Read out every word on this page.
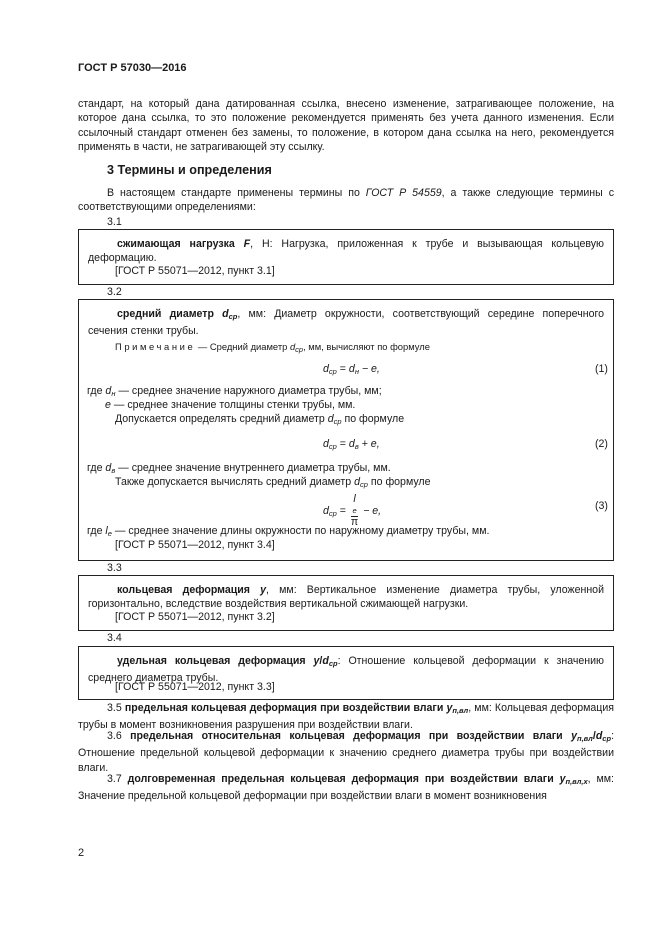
ГОСТ Р 57030—2016
стандарт, на который дана датированная ссылка, внесено изменение, затрагивающее положение, на которое дана ссылка, то это положение рекомендуется применять без учета данного изменения. Если ссылочный стандарт отменен без замены, то положение, в котором дана ссылка на него, рекомендуется применять в части, не затрагивающей эту ссылку.
3 Термины и определения
В настоящем стандарте применены термины по ГОСТ Р 54559, а также следующие термины с соответствующими определениями:
3.1
сжимающая нагрузка F, Н: Нагрузка, приложенная к трубе и вызывающая кольцевую деформацию.
[ГОСТ Р 55071—2012, пункт 3.1]
3.2
средний диаметр $d_{ср}$, мм: Диаметр окружности, соответствующий середине поперечного сечения стенки трубы.
Примечание — Средний диаметр $d_{ср}$, мм, вычисляют по формуле
$d_{ср} = d_н - e$,	(1)
где $d_н$ — среднее значение наружного диаметра трубы, мм;
e — среднее значение толщины стенки трубы, мм.
Допускается определять средний диаметр $d_{ср}$ по формуле
$d_{ср} = d_в + e$,	(2)
где $d_в$ — среднее значение внутреннего диаметра трубы, мм.
Также допускается вычислять средний диаметр $d_{ср}$ по формуле
$d_{ср} = l$
e
π − e,	(3)
где $l_e$ — среднее значение длины окружности по наружному диаметру трубы, мм.
[ГОСТ Р 55071—2012, пункт 3.4]
3.3
кольцевая деформация y, мм: Вертикальное изменение диаметра трубы, уложенной горизонтально, вследствие воздействия вертикальной сжимающей нагрузки.
[ГОСТ Р 55071—2012, пункт 3.2]
3.4
удельная кольцевая деформация $y/d_{ср}$: Отношение кольцевой деформации к значению среднего диаметра трубы.
[ГОСТ Р 55071—2012, пункт 3.3]
3.5 предельная кольцевая деформация при воздействии влаги $y_{п,вл}$, мм: Кольцевая деформация трубы в момент возникновения разрушения при воздействии влаги.
3.6 предельная относительная кольцевая деформация при воздействии влаги $y_{п,вл}/d_{ср}$: Отношение предельной кольцевой деформации к значению среднего диаметра трубы при воздействии влаги.
3.7 долговременная предельная кольцевая деформация при воздействии влаги $y_{п,вл,x}$, мм: Значение предельной кольцевой деформации при воздействии влаги в момент возникновения
2
